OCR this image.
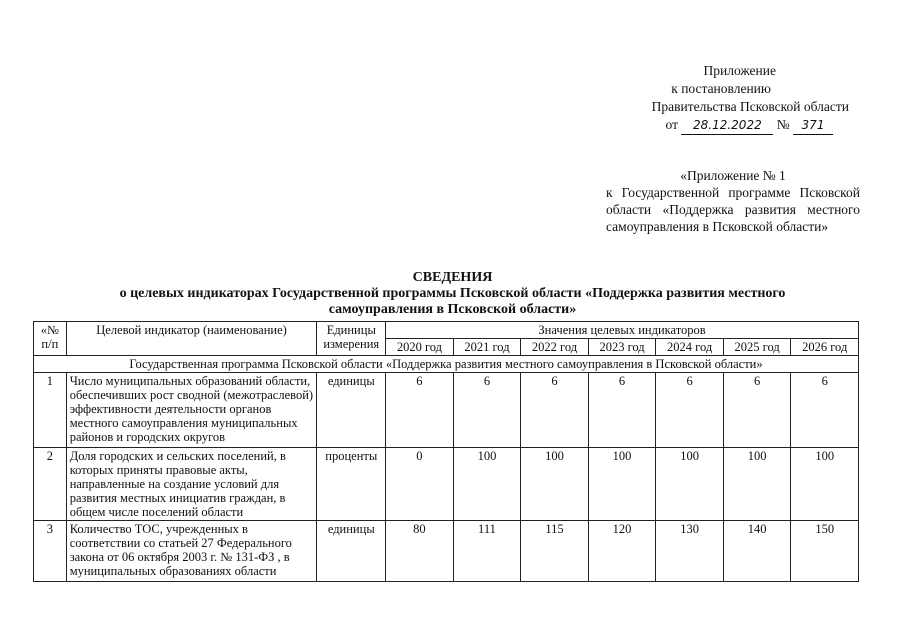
Приложение
к постановлению
Правительства Псковской области
от 28.12.2022 № 371
«Приложение № 1
к Государственной программе Псковской области «Поддержка развития местного самоуправления в Псковской области»
СВЕДЕНИЯ
о целевых индикаторах Государственной программы Псковской области «Поддержка развития местного
самоуправления в Псковской области»
«№ п/п	Целевой индикатор (наименование)	Единицы измерения	Значения целевых индикаторов						
			2020 год	2021 год	2022 год	2023 год	2024 год	2025 год	2026 год
Государственная программа Псковской области «Поддержка развития местного самоуправления в Псковской области»									
1	Число муниципальных образований области, обеспечивших рост сводной (межотраслевой) эффективности деятельности органов местного самоуправления муниципальных районов и городских округов	единицы	6	6	6	6	6	6	6
2	Доля городских и сельских поселений, в которых приняты правовые акты, направленные на создание условий для развития местных инициатив граждан, в общем числе поселений области	проценты	0	100	100	100	100	100	100
3	Количество ТОС, учрежденных в соответствии со статьей 27 Федерального закона от 06 октября 2003 г. № 131-ФЗ , в муниципальных образованиях области	единицы	80	111	115	120	130	140	150
